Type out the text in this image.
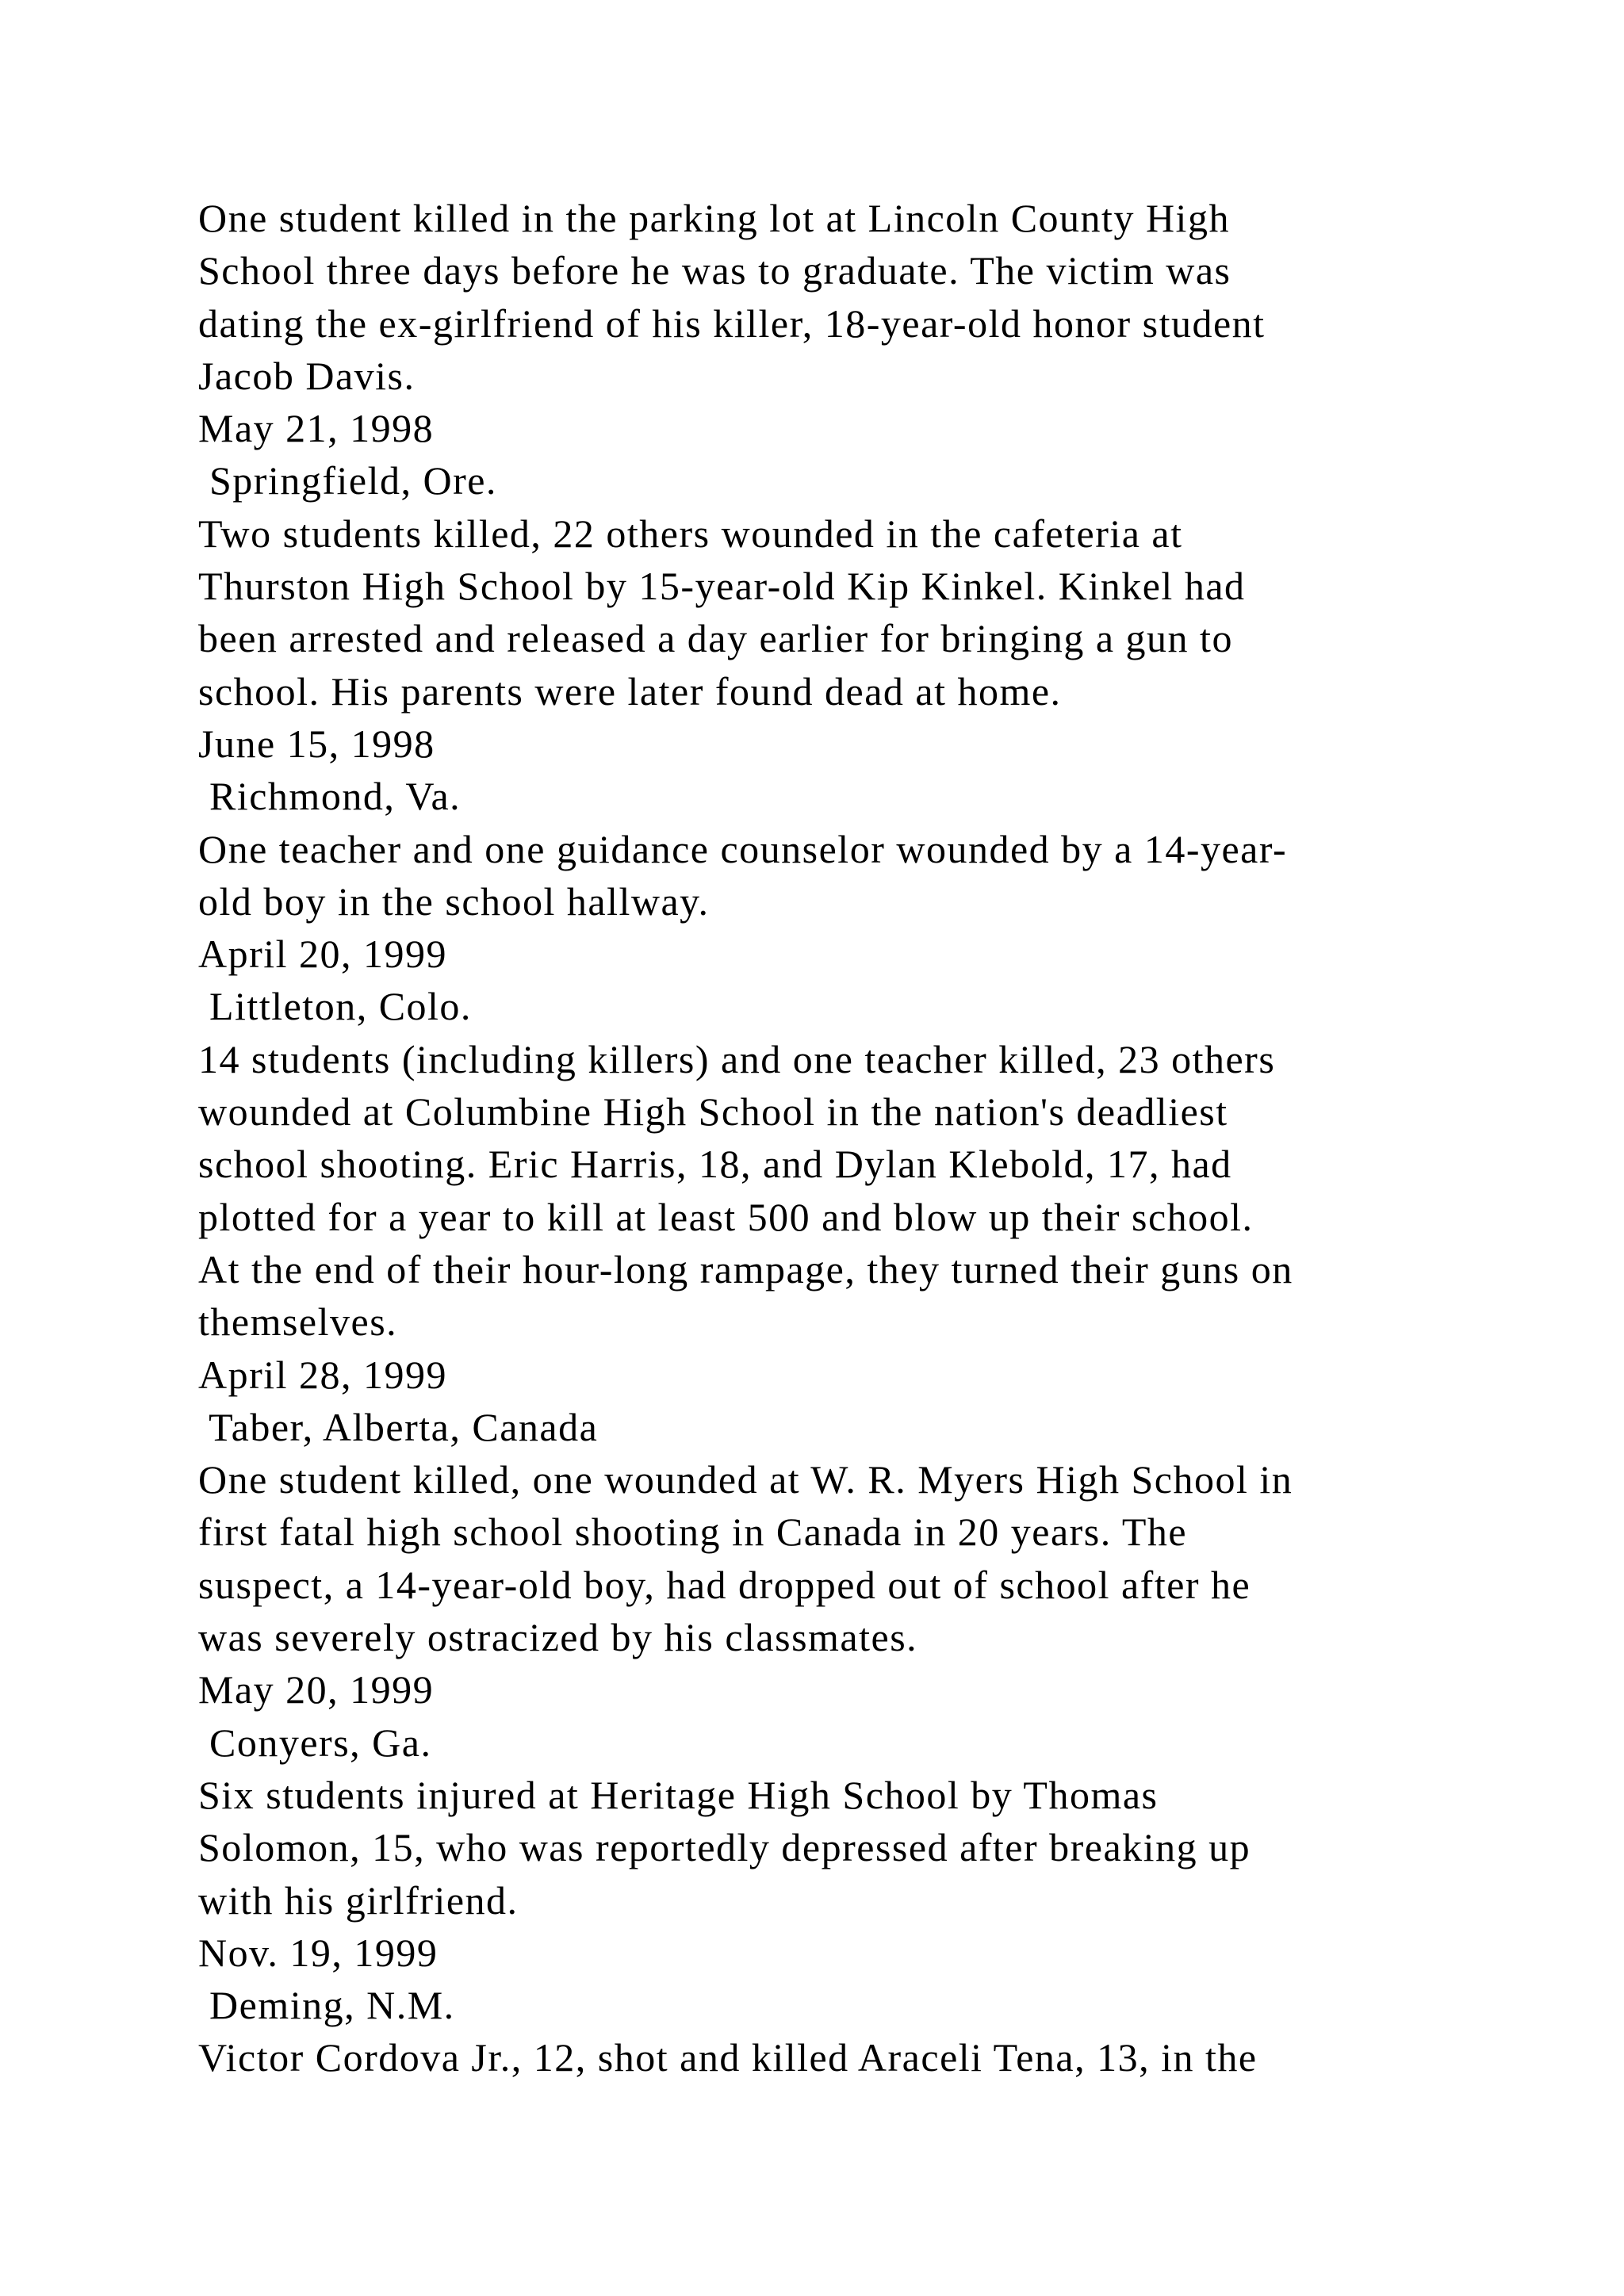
One student killed in the parking lot at Lincoln County High
School three days before he was to graduate. The victim was
dating the ex-girlfriend of his killer, 18-year-old honor student
Jacob Davis.
May 21, 1998
Springfield, Ore.
Two students killed, 22 others wounded in the cafeteria at
Thurston High School by 15-year-old Kip Kinkel. Kinkel had
been arrested and released a day earlier for bringing a gun to
school. His parents were later found dead at home.
June 15, 1998
Richmond, Va.
One teacher and one guidance counselor wounded by a 14-year-
old boy in the school hallway.
April 20, 1999
Littleton, Colo.
14 students (including killers) and one teacher killed, 23 others
wounded at Columbine High School in the nation's deadliest
school shooting. Eric Harris, 18, and Dylan Klebold, 17, had
plotted for a year to kill at least 500 and blow up their school.
At the end of their hour-long rampage, they turned their guns on
themselves.
April 28, 1999
Taber, Alberta, Canada
One student killed, one wounded at W. R. Myers High School in
first fatal high school shooting in Canada in 20 years. The
suspect, a 14-year-old boy, had dropped out of school after he
was severely ostracized by his classmates.
May 20, 1999
Conyers, Ga.
Six students injured at Heritage High School by Thomas
Solomon, 15, who was reportedly depressed after breaking up
with his girlfriend.
Nov. 19, 1999
Deming, N.M.
Victor Cordova Jr., 12, shot and killed Araceli Tena, 13, in the
